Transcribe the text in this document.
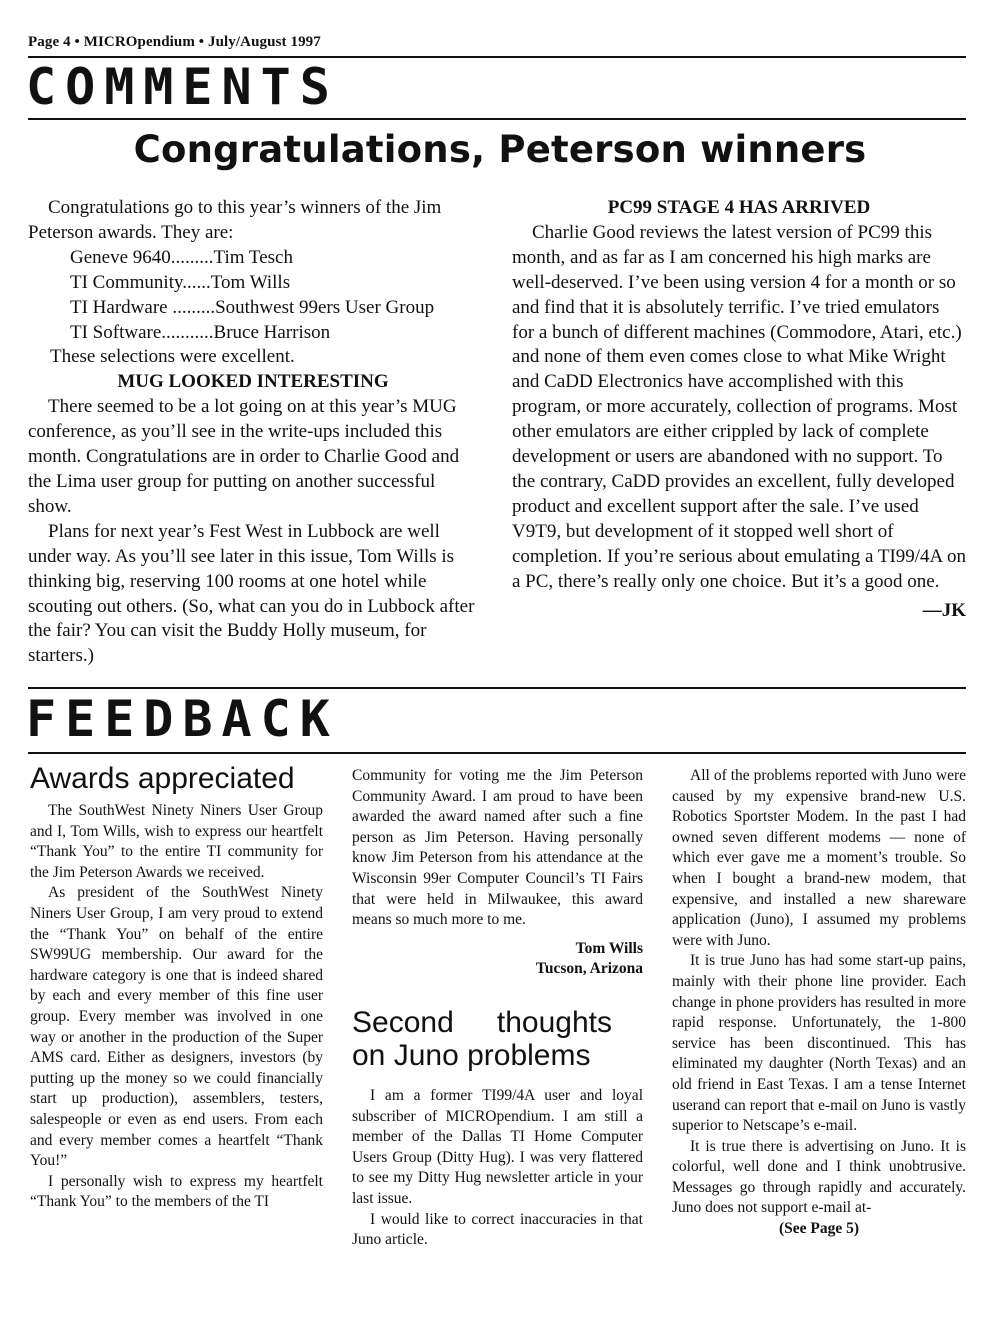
Page 4 • MICROpendium • July/August 1997
COMMENTS
Congratulations, Peterson winners

Congratulations go to this year’s winners of the Jim Peterson awards. They are:

Geneve 9640.........Tim Tesch

TI Community......Tom Wills

TI Hardware .........Southwest 99ers User Group

TI Software...........Bruce Harrison

These selections were excellent.

MUG LOOKED INTERESTING

There seemed to be a lot going on at this year’s MUG conference, as you’ll see in the write-ups included this month. Congratulations are in order to Charlie Good and the Lima user group for putting on another successful show.

Plans for next year’s Fest West in Lubbock are well under way. As you’ll see later in this issue, Tom Wills is thinking big, reserving 100 rooms at one hotel while scouting out others. (So, what can you do in Lubbock after the fair? You can visit the Buddy Holly museum, for starters.)

PC99 STAGE 4 HAS ARRIVED

Charlie Good reviews the latest version of PC99 this month, and as far as I am concerned his high marks are well-deserved. I’ve been using version 4 for a month or so and find that it is absolutely terrific. I’ve tried emulators for a bunch of different machines (Commodore, Atari, etc.) and none of them even comes close to what Mike Wright and CaDD Electronics have accomplished with this program, or more accurately, collection of programs. Most other emulators are either crippled by lack of complete development or users are abandoned with no support. To the contrary, CaDD provides an excellent, fully developed product and excellent support after the sale. I’ve used V9T9, but development of it stopped well short of completion. If you’re serious about emulating a TI99/4A on a PC, there’s really only one choice. But it’s a good one.

—JK

FEEDBACK
Awards appreciated

The SouthWest Ninety Niners User Group and I, Tom Wills, wish to express our heartfelt “Thank You” to the entire TI community for the Jim Peterson Awards we received.

As president of the SouthWest Ninety Niners User Group, I am very proud to extend the “Thank You” on behalf of the entire SW99UG membership. Our award for the hardware category is one that is indeed shared by each and every member of this fine user group. Every member was involved in one way or another in the production of the Super AMS card. Either as designers, investors (by putting up the money so we could financially start up production), assemblers, testers, salespeople or even as end users. From each and every member comes a heartfelt “Thank You!”

I personally wish to express my heartfelt “Thank You” to the members of the TI

Community for voting me the Jim Peterson Community Award. I am proud to have been awarded the award named after such a fine person as Jim Peterson. Having personally know Jim Peterson from his attendance at the Wisconsin 99er Computer Council’s TI Fairs that were held in Milwaukee, this award means so much more to me.

Tom Wills

Tucson, Arizona

Second thoughts on Juno problems

I am a former TI99/4A user and loyal subscriber of MICROpendium. I am still a member of the Dallas TI Home Computer Users Group (Ditty Hug). I was very flattered to see my Ditty Hug newsletter article in your last issue.

I would like to correct inaccuracies in that Juno article.

All of the problems reported with Juno were caused by my expensive brand-new U.S. Robotics Sportster Modem. In the past I had owned seven different modems — none of which ever gave me a moment’s trouble. So when I bought a brand-new modem, that expensive, and installed a new shareware application (Juno), I assumed my problems were with Juno.

It is true Juno has had some start-up pains, mainly with their phone line provider. Each change in phone providers has resulted in more rapid response. Unfortunately, the 1-800 service has been discontinued. This has eliminated my daughter (North Texas) and an old friend in East Texas. I am a tense Internet userand can report that e-mail on Juno is vastly superior to Netscape’s e-mail.

It is true there is advertising on Juno. It is colorful, well done and I think unobtrusive. Messages go through rapidly and accurately. Juno does not support e-mail at-

(See Page 5)
